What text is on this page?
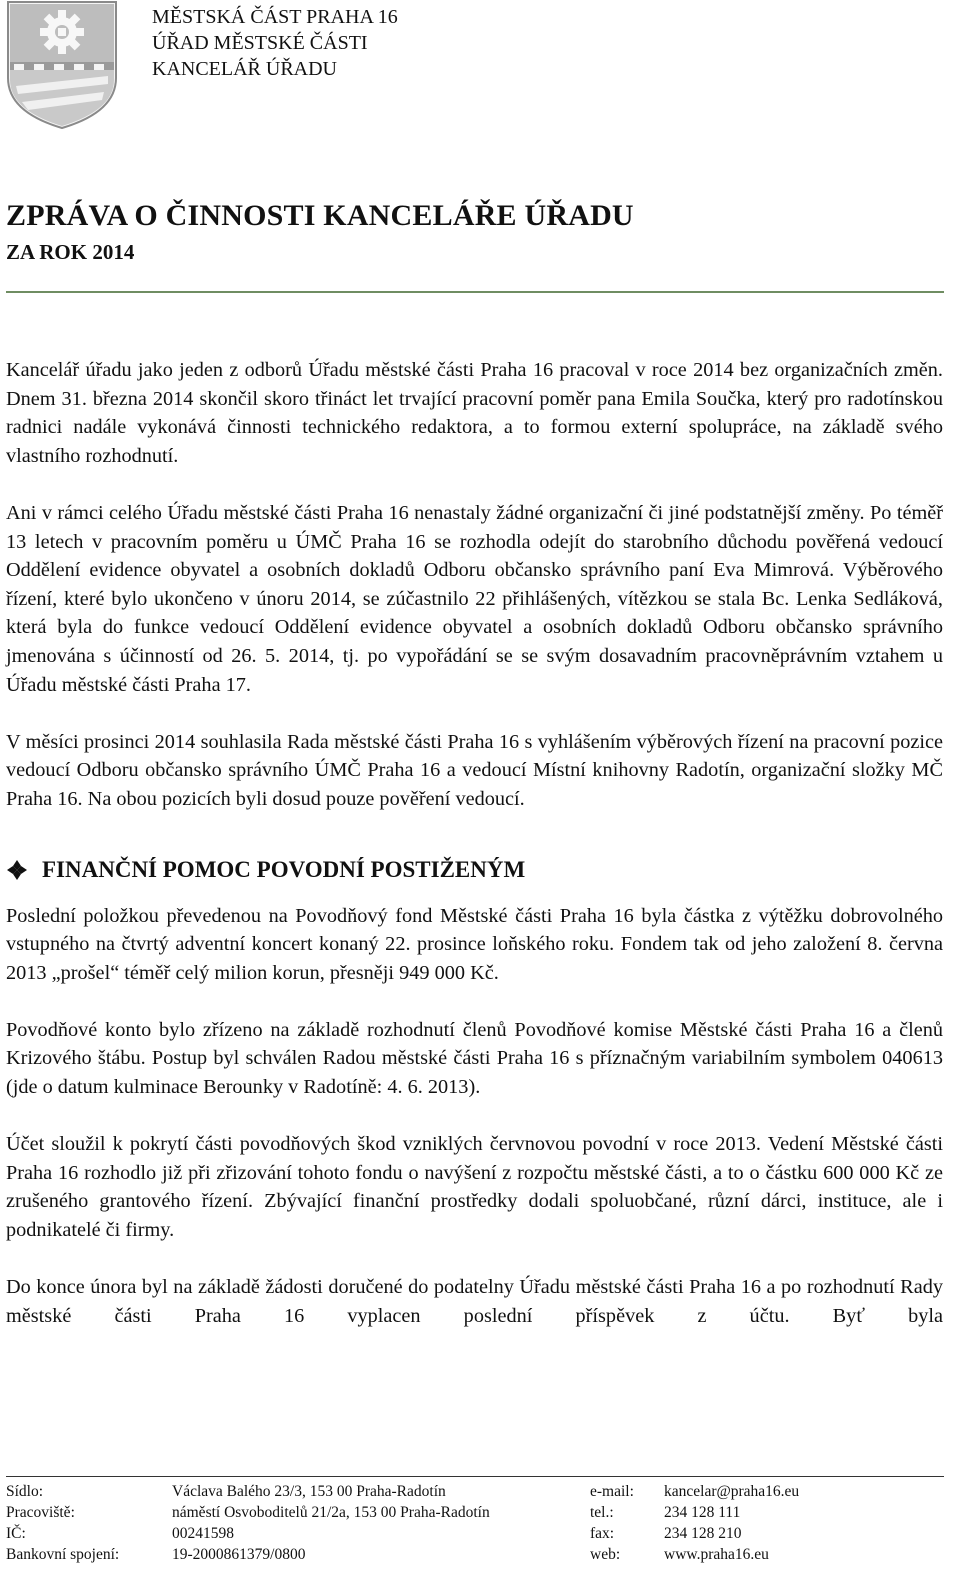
MĚSTSKÁ ČÁST PRAHA 16
ÚŘAD MĚSTSKÉ ČÁSTI
KANCELÁŘ ÚŘADU
ZPRÁVA O ČINNOSTI KANCELÁŘE ÚŘADU
ZA ROK 2014

Kancelář úřadu jako jeden z odborů Úřadu městské části Praha 16 pracoval v roce 2014 bez organizačních změn. Dnem 31. března 2014 skončil skoro třináct let trvající pracovní poměr pana Emila Součka, který pro radotínskou radnici nadále vykonává činnosti technického redaktora, a to formou externí spolupráce, na základě svého vlastního rozhodnutí.

Ani v rámci celého Úřadu městské části Praha 16 nenastaly žádné organizační či jiné podstatnější změny. Po téměř 13 letech v pracovním poměru u ÚMČ Praha 16 se rozhodla odejít do starobního důchodu pověřená vedoucí Oddělení evidence obyvatel a osobních dokladů Odboru občansko správního paní Eva Mimrová. Výběrového řízení, které bylo ukončeno v únoru 2014, se zúčastnilo 22 přihlášených, vítězkou se stala Bc. Lenka Sedláková, která byla do funkce vedoucí Oddělení evidence obyvatel a osobních dokladů Odboru občansko správního jmenována s účinností od 26. 5. 2014, tj. po vypořádání se se svým dosavadním pracovněprávním vztahem u Úřadu městské části Praha 17.

V měsíci prosinci 2014 souhlasila Rada městské části Praha 16 s vyhlášením výběrových řízení na pracovní pozice vedoucí Odboru občansko správního ÚMČ Praha 16 a vedoucí Místní knihovny Radotín, organizační složky MČ Praha 16. Na obou pozicích byli dosud pouze pověření vedoucí.

FINANČNÍ POMOC POVODNÍ POSTIŽENÝM

Poslední položkou převedenou na Povodňový fond Městské části Praha 16 byla částka z výtěžku dobrovolného vstupného na čtvrtý adventní koncert konaný 22. prosince loňského roku. Fondem tak od jeho založení 8. června 2013 „prošel“ téměř celý milion korun, přesněji 949 000 Kč.

Povodňové konto bylo zřízeno na základě rozhodnutí členů Povodňové komise Městské části Praha 16 a členů Krizového štábu. Postup byl schválen Radou městské části Praha 16 s příznačným variabilním symbolem 040613 (jde o datum kulminace Berounky v Radotíně: 4. 6. 2013).

Účet sloužil k pokrytí části povodňových škod vzniklých červnovou povodní v roce 2013. Vedení Městské části Praha 16 rozhodlo již při zřizování tohoto fondu o navýšení z rozpočtu městské části, a to o částku 600 000 Kč ze zrušeného grantového řízení. Zbývající finanční prostředky dodali spoluobčané, různí dárci, instituce, ale i podnikatelé či firmy.

Do konce února byl na základě žádosti doručené do podatelny Úřadu městské části Praha 16 a po rozhodnutí Rady městské části Praha 16 vyplacen poslední příspěvek z účtu. Byť byla

Sídlo:	Václava Balého 23/3, 153 00 Praha-Radotín	e-mail: kancelar@praha16.eu
Pracoviště:	náměstí Osvoboditelů 21/2a, 153 00 Praha-Radotín	tel.:	234 128 111
IČ:	00241598	fax:	234 128 210
Bankovní spojení:	19-2000861379/0800	web:	www.praha16.eu
